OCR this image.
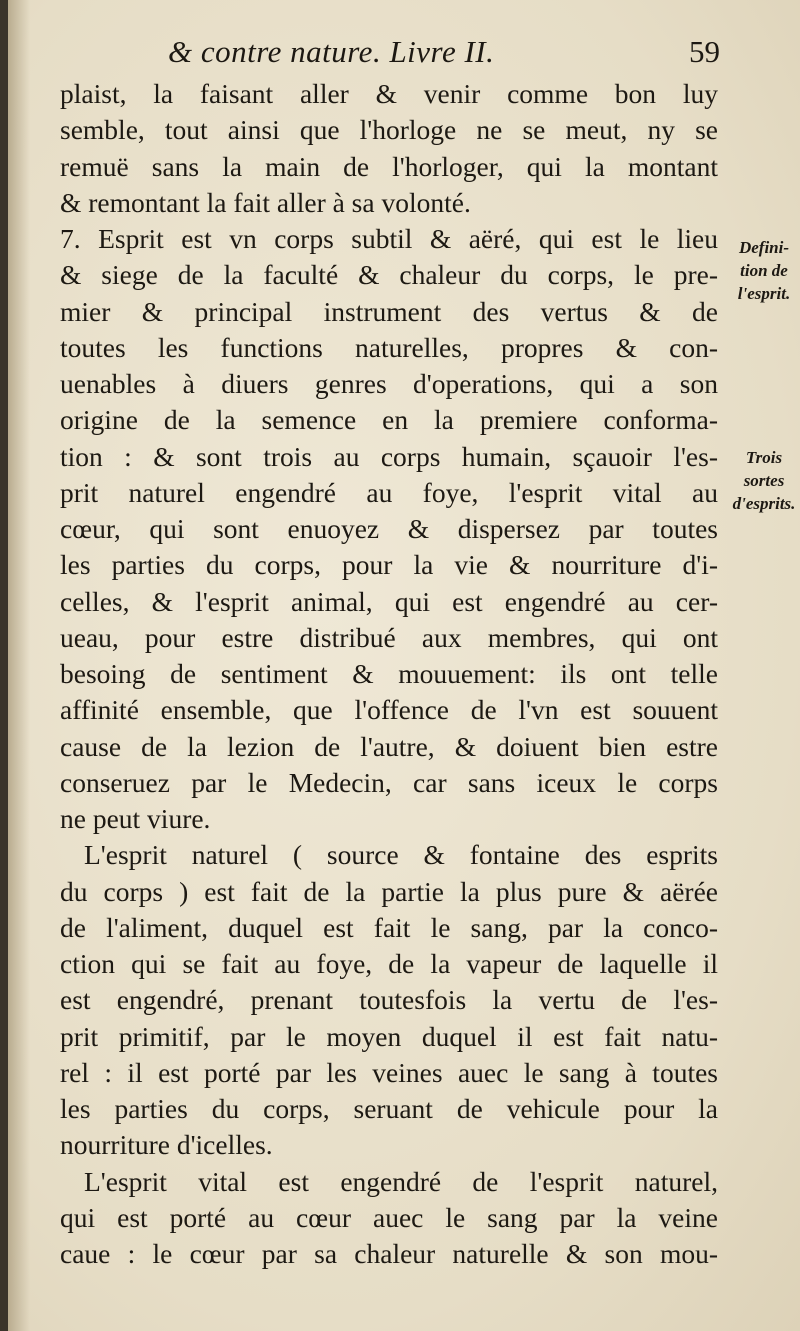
& contre nature. Livre II.	59
plaist, la faisant aller & venir comme bon luy
semble, tout ainsi que l'horloge ne se meut, ny se
remuë sans la main de l'horloger, qui la montant
& remontant la fait aller à sa volonté.
7. Esprit est vn corps subtil & aëré, qui est le lieu
& siege de la faculté & chaleur du corps, le pre-
mier & principal instrument des vertus & de
toutes les functions naturelles, propres & con-
uenables à diuers genres d'operations, qui a son
origine de la semence en la premiere conforma-
tion : & sont trois au corps humain, sçauoir l'es-
prit naturel engendré au foye, l'esprit vital au
cœur, qui sont enuoyez & dispersez par toutes
les parties du corps, pour la vie & nourriture d'i-
celles, & l'esprit animal, qui est engendré au cer-
ueau, pour estre distribué aux membres, qui ont
besoing de sentiment & mouuement: ils ont telle
affinité ensemble, que l'offence de l'vn est souuent
cause de la lezion de l'autre, & doiuent bien estre
conseruez par le Medecin, car sans iceux le corps
ne peut viure.
L'esprit naturel ( source & fontaine des esprits
du corps ) est fait de la partie la plus pure & aërée
de l'aliment, duquel est fait le sang, par la conco-
ction qui se fait au foye, de la vapeur de laquelle il
est engendré, prenant toutesfois la vertu de l'es-
prit primitif, par le moyen duquel il est fait natu-
rel : il est porté par les veines auec le sang à toutes
les parties du corps, seruant de vehicule pour la
nourriture d'icelles.
L'esprit vital est engendré de l'esprit naturel,
qui est porté au cœur auec le sang par la veine
caue : le cœur par sa chaleur naturelle & son mou-
Defini-
tion de
l'esprit.
Trois
sortes
d'esprits.
